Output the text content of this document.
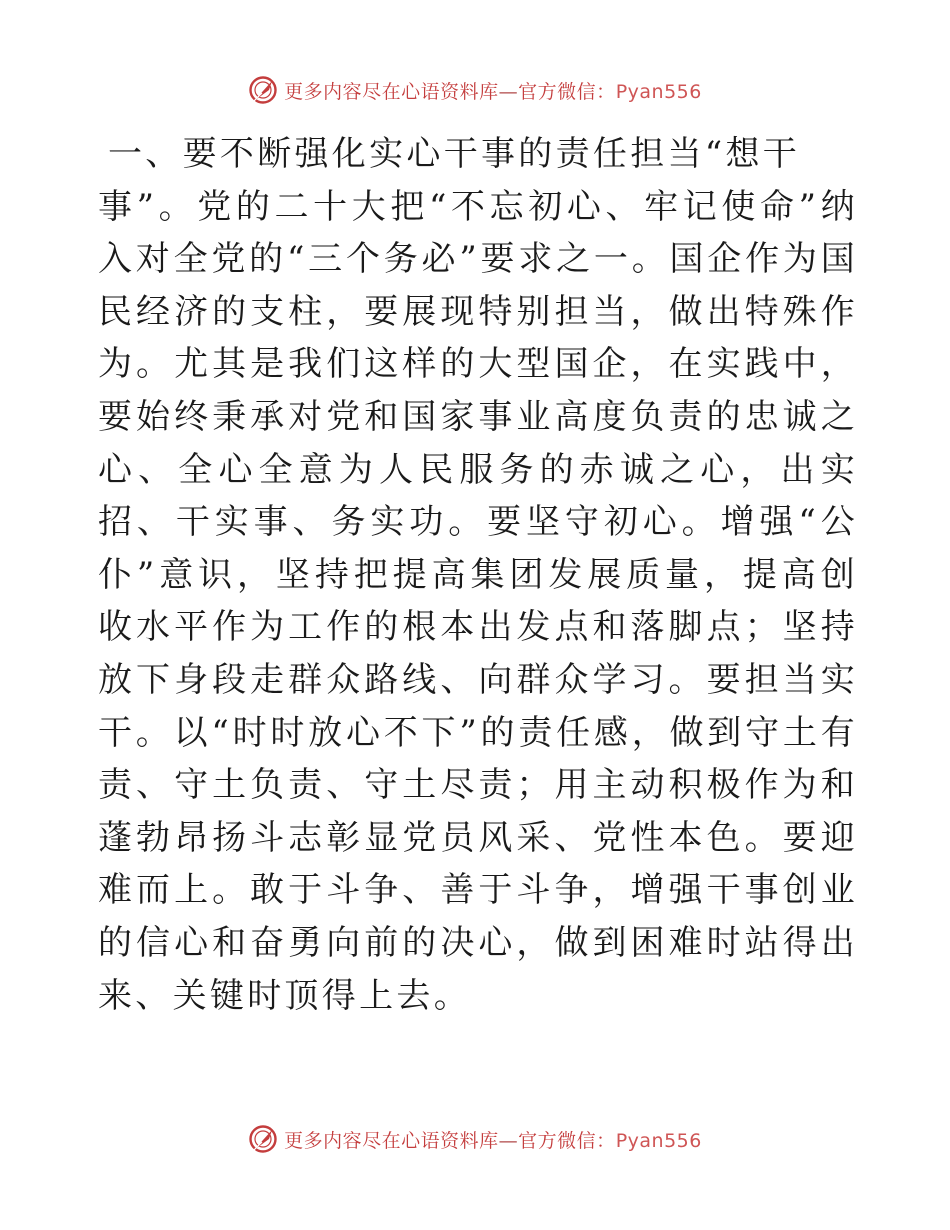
更多内容尽在心语资料库—官方微信：Pyan556

一、要不断强化实心干事的责任担当“想干
事”。党的二十大把“不忘初心、牢记使命”纳入对全党的“三个务必”要求之一。国企作为国民经济的支柱，要展现特别担当，做出特殊作为。尤其是我们这样的大型国企，在实践中，要始终秉承对党和国家事业高度负责的忠诚之心、全心全意为人民服务的赤诚之心，出实招、干实事、务实功。要坚守初心。增强“公仆”意识，坚持把提高集团发展质量，提高创收水平作为工作的根本出发点和落脚点；坚持放下身段走群众路线、向群众学习。要担当实干。以“时时放心不下”的责任感，做到守土有责、守土负责、守土尽责；用主动积极作为和蓬勃昂扬斗志彰显党员风采、党性本色。要迎难而上。敢于斗争、善于斗争，增强干事创业的信心和奋勇向前的决心，做到困难时站得出来、关键时顶得上去。

更多内容尽在心语资料库—官方微信：Pyan556
